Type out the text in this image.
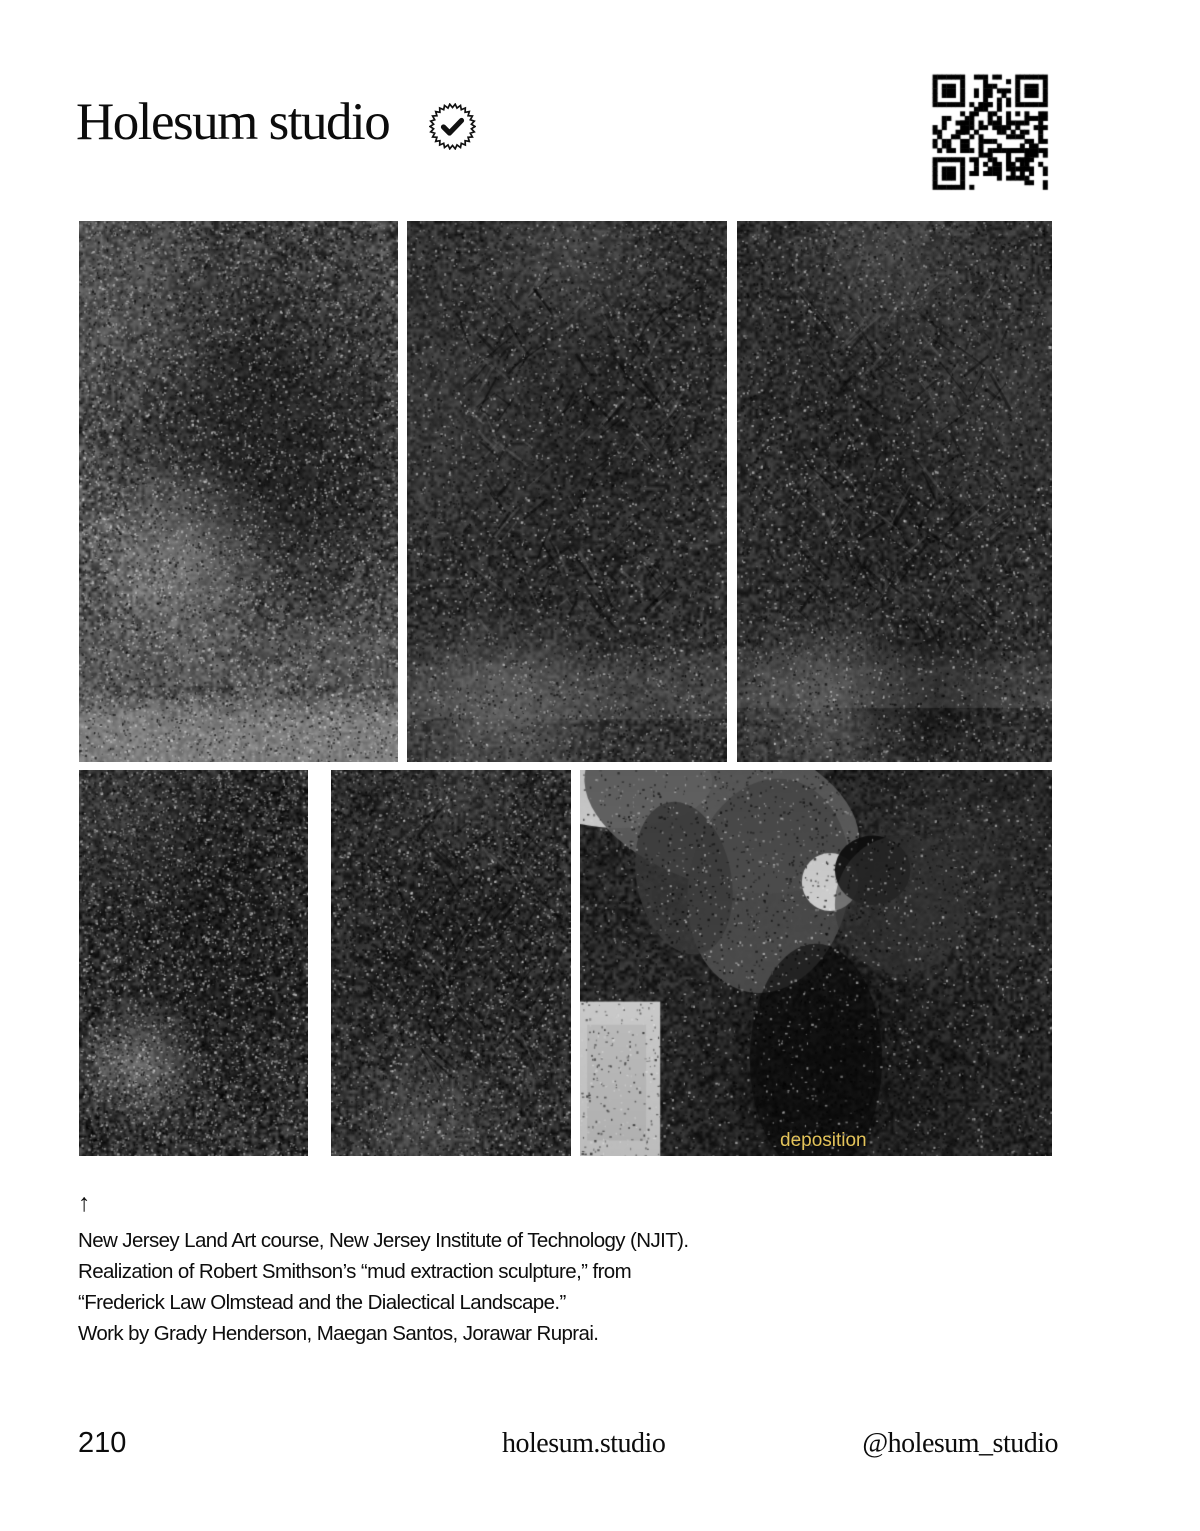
Holesum studio
deposition
↑

New Jersey Land Art course, New Jersey Institute of Technology (NJIT).

Realization of Robert Smithson’s “mud extraction sculpture,” from

“Frederick Law Olmstead and the Dialectical Landscape.”

Work by Grady Henderson, Maegan Santos, Jorawar Ruprai.

210	holesum.studio	@holesum_studio
